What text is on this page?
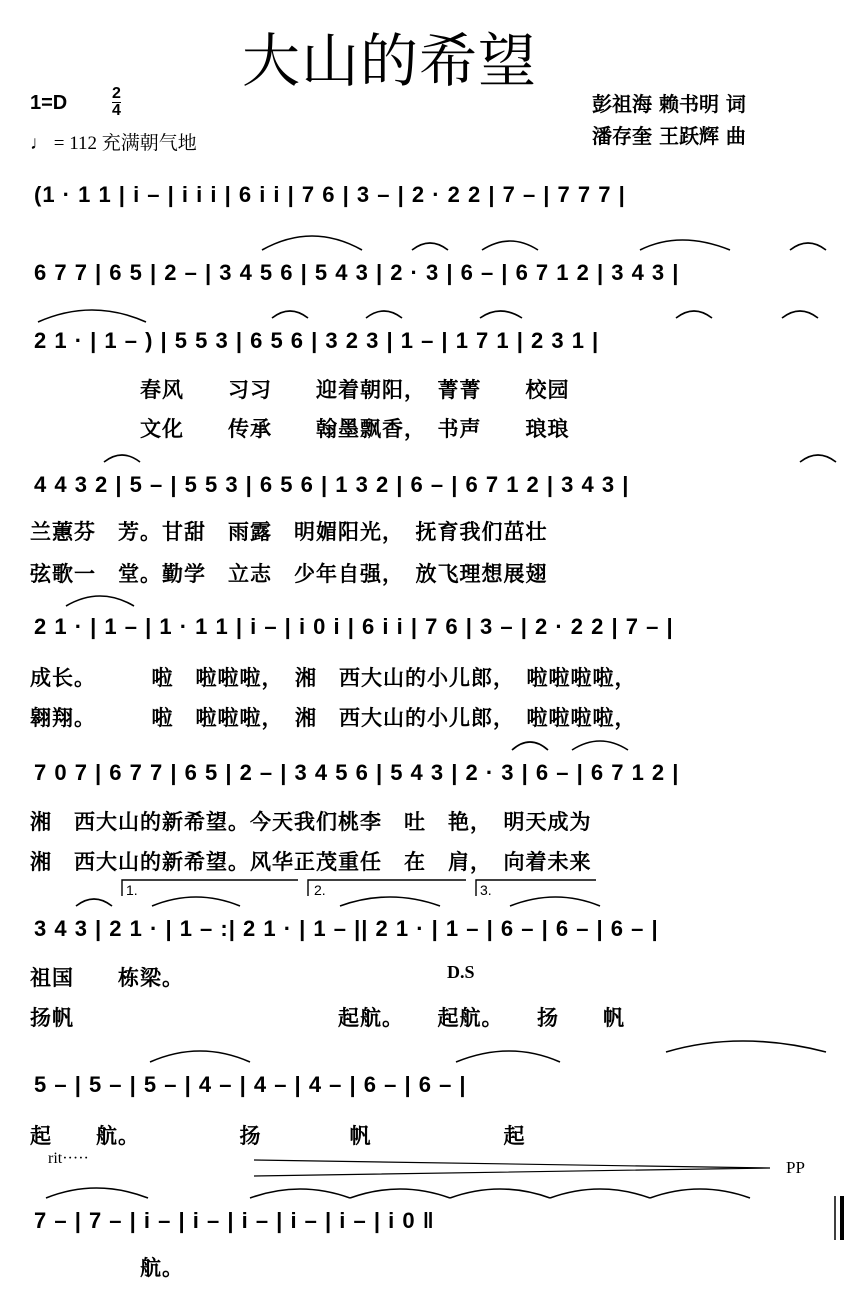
大山的希望
1=D	2
4
♩ = 112 充满朝气地
彭祖海 赖书明 词
潘存奎 王跃辉 曲
(1 · 1 1 | i – | i i i | 6 i i | 7 6 | 3 – | 2 · 2 2 | 7 – | 7 7 7 |
6 7 7 | 6 5 | 2 – | 3 4 5 6 | 5 4 3 | 2 · 3 | 6 – | 6 7 1 2 | 3 4 3 |
2 1 · | 1 – ) | 5 5 3 | 6 5 6 | 3 2 3 | 1 – | 1 7 1 | 2 3 1 |
4 4 3 2 | 5 – | 5 5 3 | 6 5 6 | 1 3 2 | 6 – | 6 7 1 2 | 3 4 3 |
2 1 · | 1 – | 1 · 1 1 | i – | i 0 i | 6 i i | 7 6 | 3 – | 2 · 2 2 | 7 – |
7 0 7 | 6 7 7 | 6 5 | 2 – | 3 4 5 6 | 5 4 3 | 2 · 3 | 6 – | 6 7 1 2 |
3 4 3 | 2 1 · | 1 – :| 2 1 · | 1 – || 2 1 · | 1 – | 6 – | 6 – | 6 – |
5 – | 5 – | 5 – | 4 – | 4 – | 4 – | 6 – | 6 – |
7 – | 7 – | i – | i – | i – | i – | i – | i 0 ‖
　　　　　春风　　习习　　迎着朝阳，　菁菁　　校园
　　　　　文化　　传承　　翰墨飘香，　书声　　琅琅
兰蕙芬　芳。甘甜　雨露　明媚阳光，　抚育我们茁壮
弦歌一　堂。勤学　立志　少年自强，　放飞理想展翅
成长。　　　啦　啦啦啦，　湘　西大山的小儿郎，　啦啦啦啦，
翱翔。　　　啦　啦啦啦，　湘　西大山的小儿郎，　啦啦啦啦，
湘　西大山的新希望。今天我们桃李　吐　艳，　明天成为
湘　西大山的新希望。风华正茂重任　在　肩，　向着未来
祖国　　栋梁。
扬帆　　　　　　　　　　　　起航。　　起航。　　扬　　帆
起　　航。　　　　　扬　　　　帆　　　　　　起
　　　　　航。
D.S
rit·····	PP
1.	2.	3.
